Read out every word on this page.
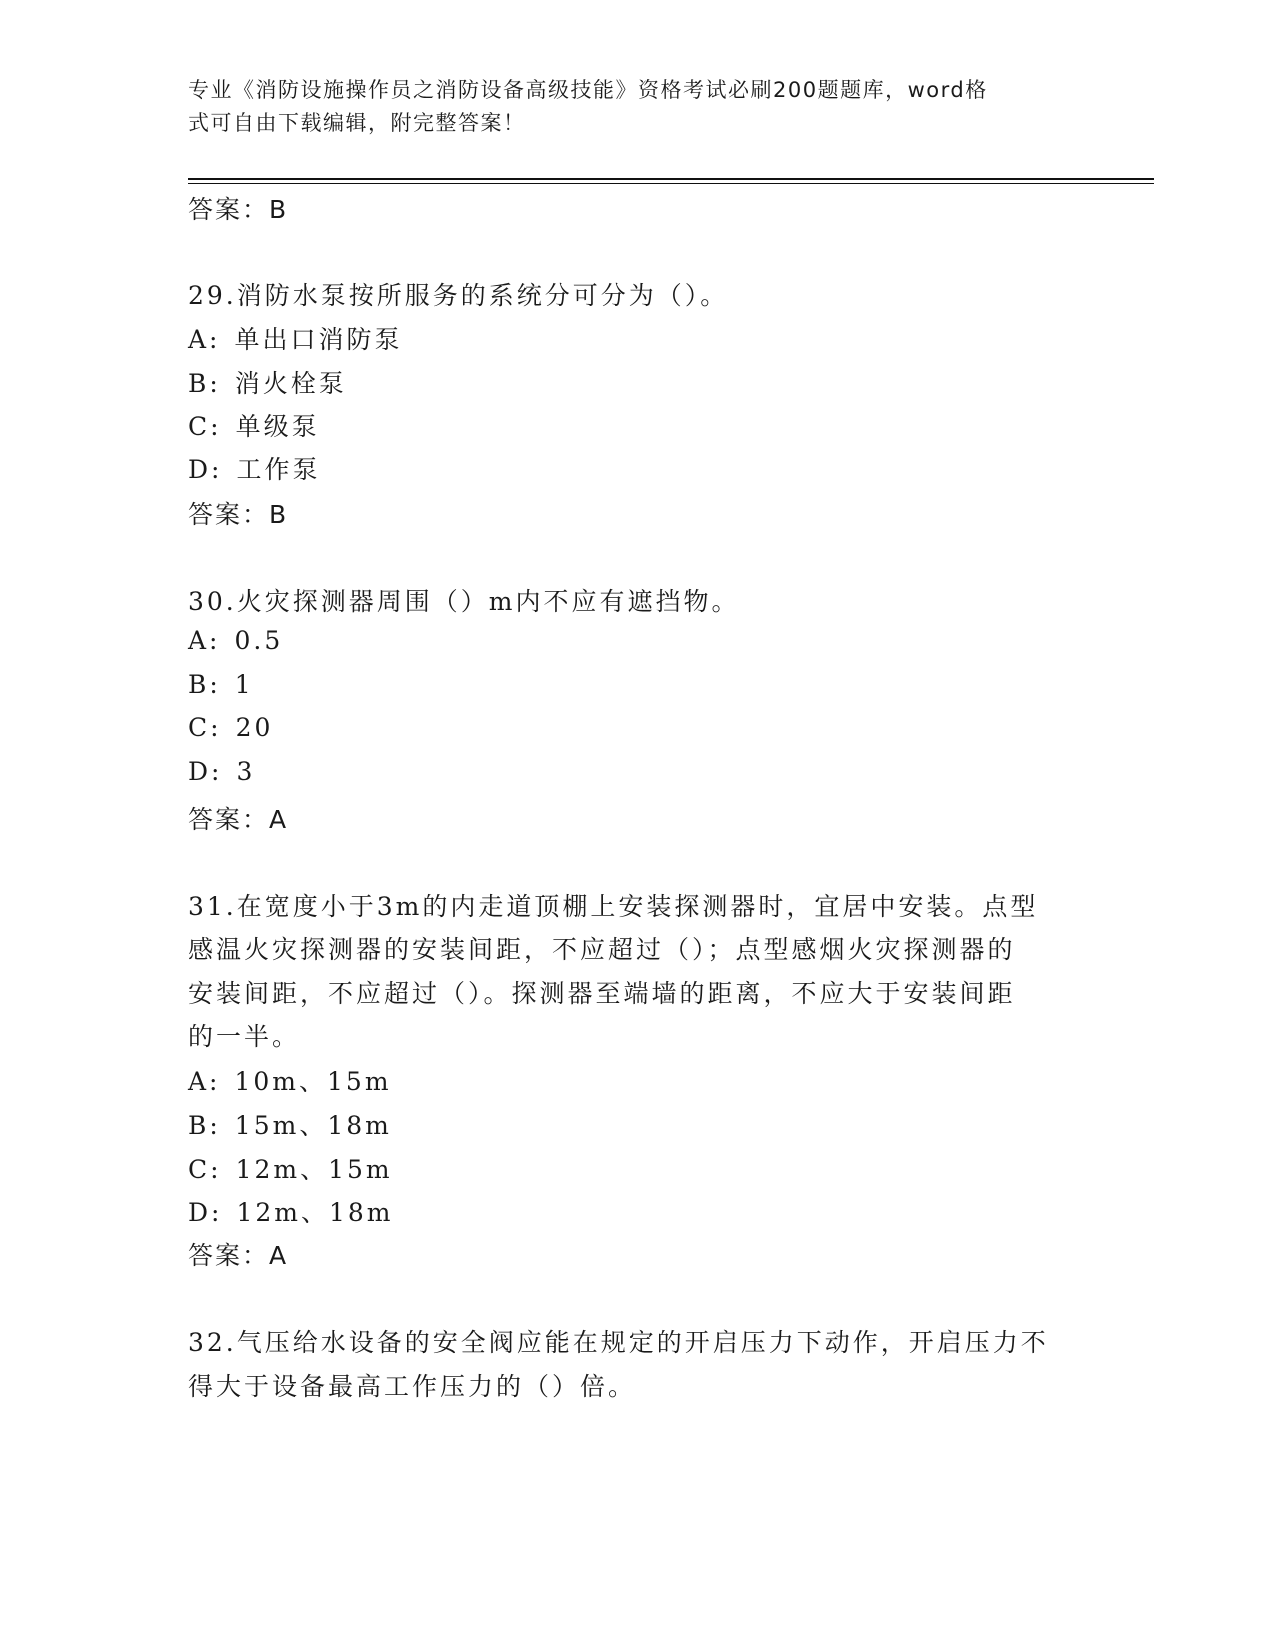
专业《消防设施操作员之消防设备高级技能》资格考试必刷200题题库，word格
式可自由下载编辑，附完整答案！
答案：B
29.消防水泵按所服务的系统分可分为（）。
A: 单出口消防泵
B: 消火栓泵
C: 单级泵
D: 工作泵
答案：B
30.火灾探测器周围（）m内不应有遮挡物。
A: 0.5
B: 1
C: 20
D: 3
答案：A
31.在宽度小于3m的内走道顶棚上安装探测器时，宜居中安装。点型
感温火灾探测器的安装间距，不应超过（）；点型感烟火灾探测器的
安装间距，不应超过（）。探测器至端墙的距离，不应大于安装间距
的一半。
A: 10m、15m
B: 15m、18m
C: 12m、15m
D: 12m、18m
答案：A
32.气压给水设备的安全阀应能在规定的开启压力下动作，开启压力不
得大于设备最高工作压力的（）倍。
